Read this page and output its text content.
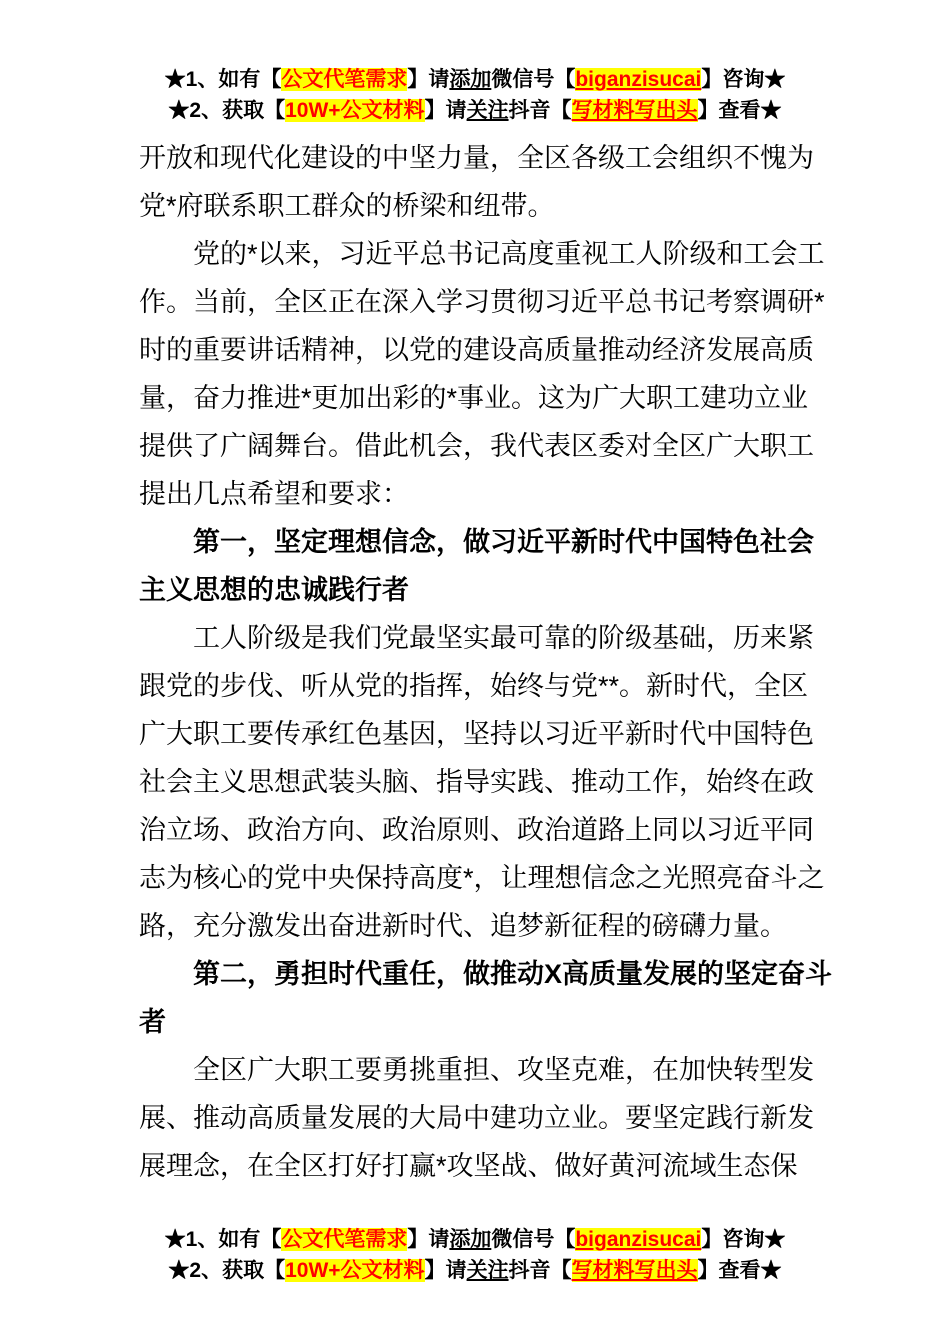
★1、如有【公文代笔需求】请添加微信号【biganzisucai】咨询★
★2、获取【10W+公文材料】请关注抖音【写材料写出头】查看★
开放和现代化建设的中坚力量，全区各级工会组织不愧为
党*府联系职工群众的桥梁和纽带。
党的*以来，习近平总书记高度重视工人阶级和工会工
作。当前，全区正在深入学习贯彻习近平总书记考察调研*
时的重要讲话精神，以党的建设高质量推动经济发展高质
量，奋力推进*更加出彩的*事业。这为广大职工建功立业
提供了广阔舞台。借此机会，我代表区委对全区广大职工
提出几点希望和要求：
第一，坚定理想信念，做习近平新时代中国特色社会
主义思想的忠诚践行者
工人阶级是我们党最坚实最可靠的阶级基础，历来紧
跟党的步伐、听从党的指挥，始终与党**。新时代，全区
广大职工要传承红色基因，坚持以习近平新时代中国特色
社会主义思想武装头脑、指导实践、推动工作，始终在政
治立场、政治方向、政治原则、政治道路上同以习近平同
志为核心的党中央保持高度*，让理想信念之光照亮奋斗之
路，充分激发出奋进新时代、追梦新征程的磅礴力量。
第二，勇担时代重任，做推动X高质量发展的坚定奋斗
者
全区广大职工要勇挑重担、攻坚克难，在加快转型发
展、推动高质量发展的大局中建功立业。要坚定践行新发
展理念，在全区打好打赢*攻坚战、做好黄河流域生态保
★1、如有【公文代笔需求】请添加微信号【biganzisucai】咨询★
★2、获取【10W+公文材料】请关注抖音【写材料写出头】查看★
